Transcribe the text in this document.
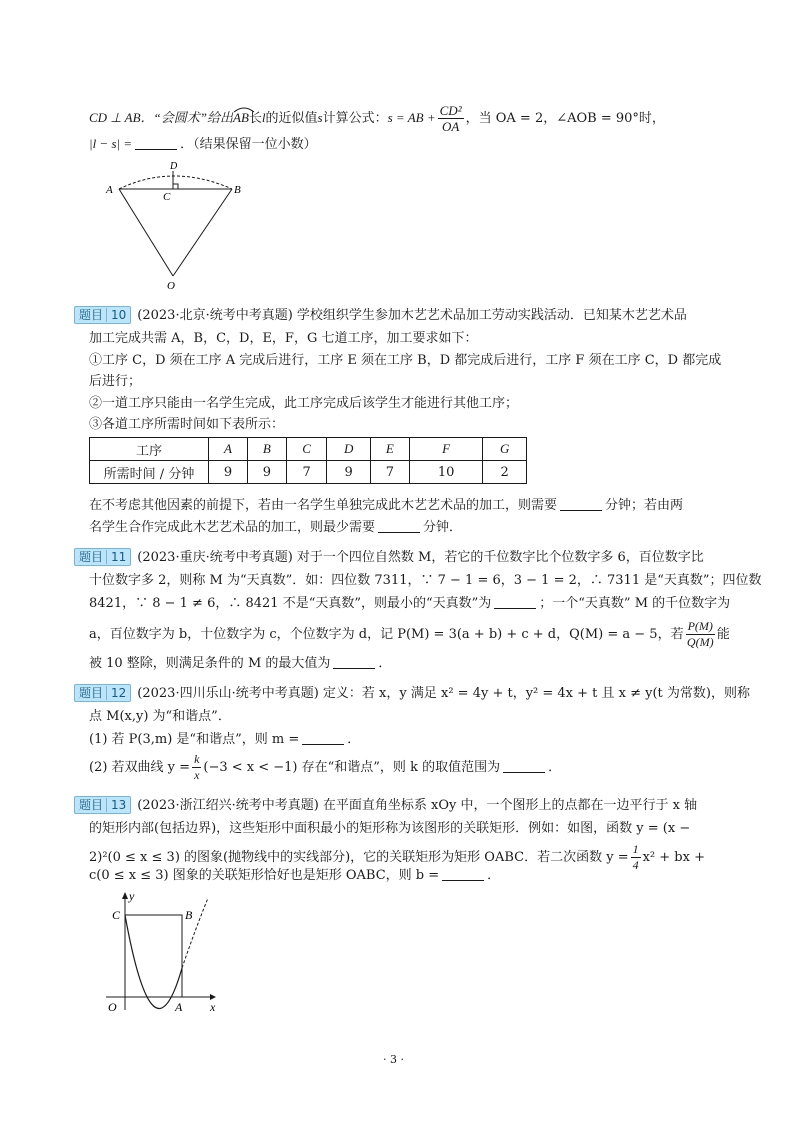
CD ⊥ AB．“会圆术”给出AB
长l的近似值s计算公式：s = AB + $\frac{\text{CD²}}{OA}$ ，当 OA = 2，∠AOB = 90°时，
|l − s| =	．（结果保留一位小数）
D
C
A	B
O
题目 10 (2023·北京·统考中考真题) 学校组织学生参加木艺艺术品加工劳动实践活动．已知某木艺艺术品
加工完成共需 A，B，C，D，E，F，G 七道工序，加工要求如下：
①工序 C，D 须在工序 A 完成后进行，工序 E 须在工序 B，D 都完成后进行，工序 F 须在工序 C，D 都完成
后进行；
②一道工序只能由一名学生完成，此工序完成后该学生才能进行其他工序；
③各道工序所需时间如下表所示：
工序	A	B	C	D	E	F	G
所需时间 / 分钟	9	9	7	9	7	10	2
在不考虑其他因素的前提下，若由一名学生单独完成此木艺艺术品的加工，则需要	分钟；若由两
名学生合作完成此木艺艺术品的加工，则最少需要	分钟．
题目 11 (2023·重庆·统考中考真题) 对于一个四位自然数 M，若它的千位数字比个位数字多 6，百位数字比
十位数字多 2，则称 M 为“天真数”．如：四位数 7311，∵ 7 − 1 = 6，3 − 1 = 2，∴ 7311 是“天真数”；四位数
8421，∵ 8 − 1 ≠ 6，∴ 8421 不是“天真数”，则最小的“天真数”为	；一个“天真数” M 的千位数字为
a，百位数字为 b，十位数字为 c，个位数字为 d，记 P(M) = 3(a + b) + c + d，Q(M) = a − 5，若 $\frac{P(M)}{Q(M)}$ 能
被 10 整除，则满足条件的 M 的最大值为	．
题目 12 (2023·四川乐山·统考中考真题) 定义：若 x，y 满足 x² = 4y + t，y² = 4x + t 且 x ≠ y(t 为常数)，则称
点 M(x,y) 为“和谐点”．
(1) 若 P(3,m) 是“和谐点”，则 m =	．
(2) 若双曲线 $y = \frac{k}{x} (-3 < x < -1)$ 存在“和谐点”，则 k 的取值范围为	．
题目 13 (2023·浙江绍兴·统考中考真题) 在平面直角坐标系 xOy 中，一个图形上的点都在一边平行于 x 轴
的矩形内部(包括边界)，这些矩形中面积最小的矩形称为该图形的关联矩形．例如：如图，函数 y = (x −
2)²(0 ≤ x ≤ 3) 的图象(抛物线中的实线部分)，它的关联矩形为矩形 OABC．若二次函数 $y = \frac{1}{4} x^2$ + bx +
c(0 ≤ x ≤ 3) 图象的关联矩形恰好也是矩形 OABC，则 b =	．
C	B
O	A x
y
· 3 ·
